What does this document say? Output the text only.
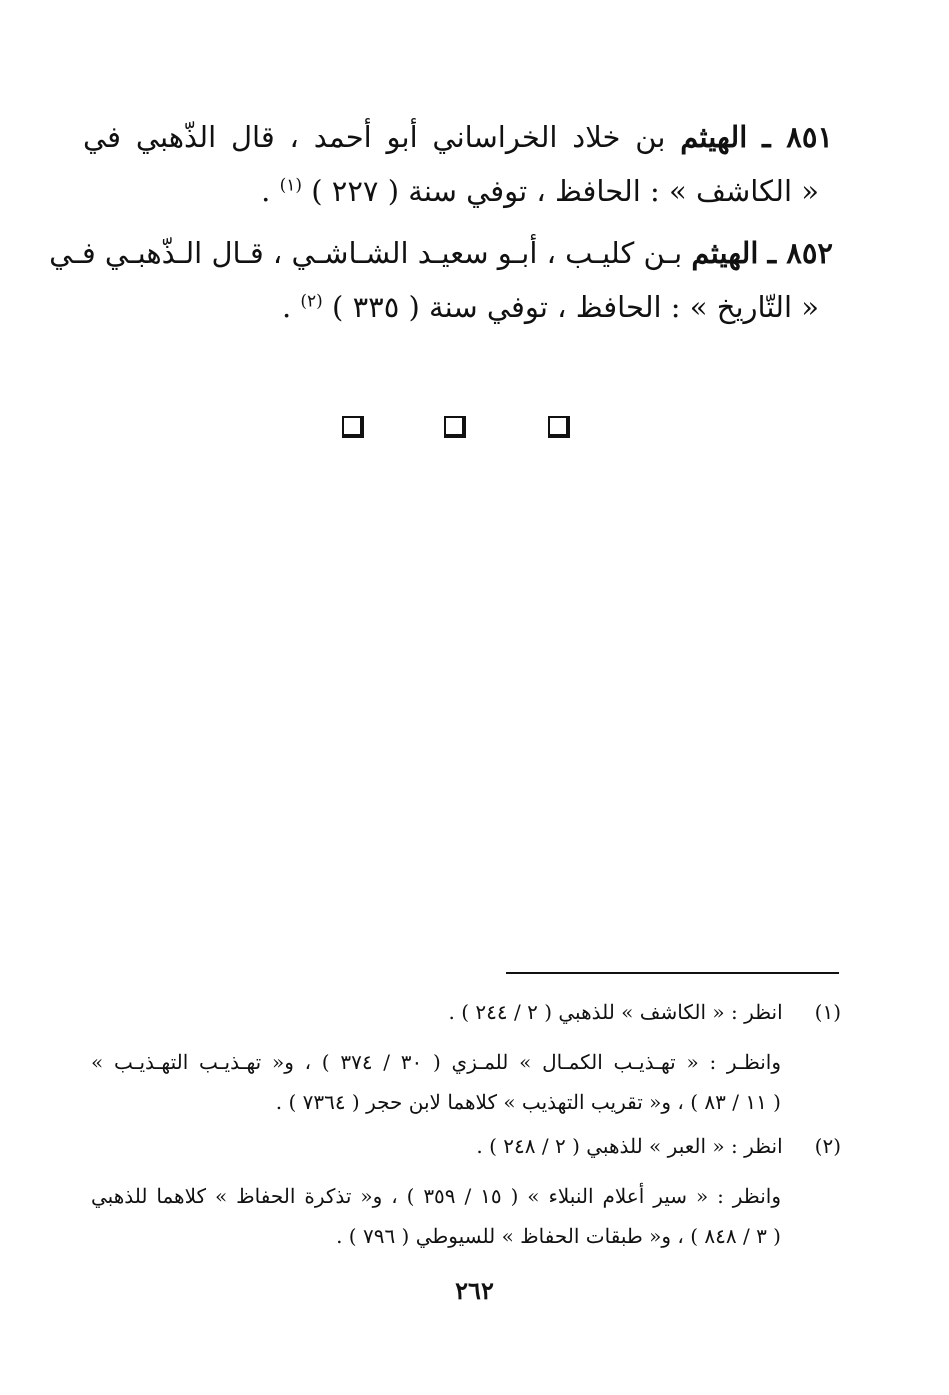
٨٥١ ـ الهيثم بن خلاد الخراساني أبو أحمد ، قال الذّهبي في
« الكاشف » : الحافظ ، توفي سنة ( ٢٢٧ ) $^{(١)}$ .
٨٥٢ ـ الهيثم بـن كليـب ، أبـو سعيـد الشـاشـي ، قـال الـذّهبـي فـي
« التّاريخ » : الحافظ ، توفي سنة ( ٣٣٥ ) $^{(٢)}$ .
(١) انظر : « الكاشف » للذهبي ( ٢ / ٢٤٤ ) .
وانظـر : « تهـذيـب الكمـال » للمـزي ( ٣٠ / ٣٧٤ ) ، و« تهـذيـب التهـذيـب »
( ١١ / ٨٣ ) ، و« تقريب التهذيب » كلاهما لابن حجر ( ٧٣٦٤ ) .
(٢) انظر : « العبر » للذهبي ( ٢ / ٢٤٨ ) .
وانظر : « سير أعلام النبلاء » ( ١٥ / ٣٥٩ ) ، و« تذكرة الحفاظ » كلاهما للذهبي
( ٣ / ٨٤٨ ) ، و« طبقات الحفاظ » للسيوطي ( ٧٩٦ ) .
٢٦٢
